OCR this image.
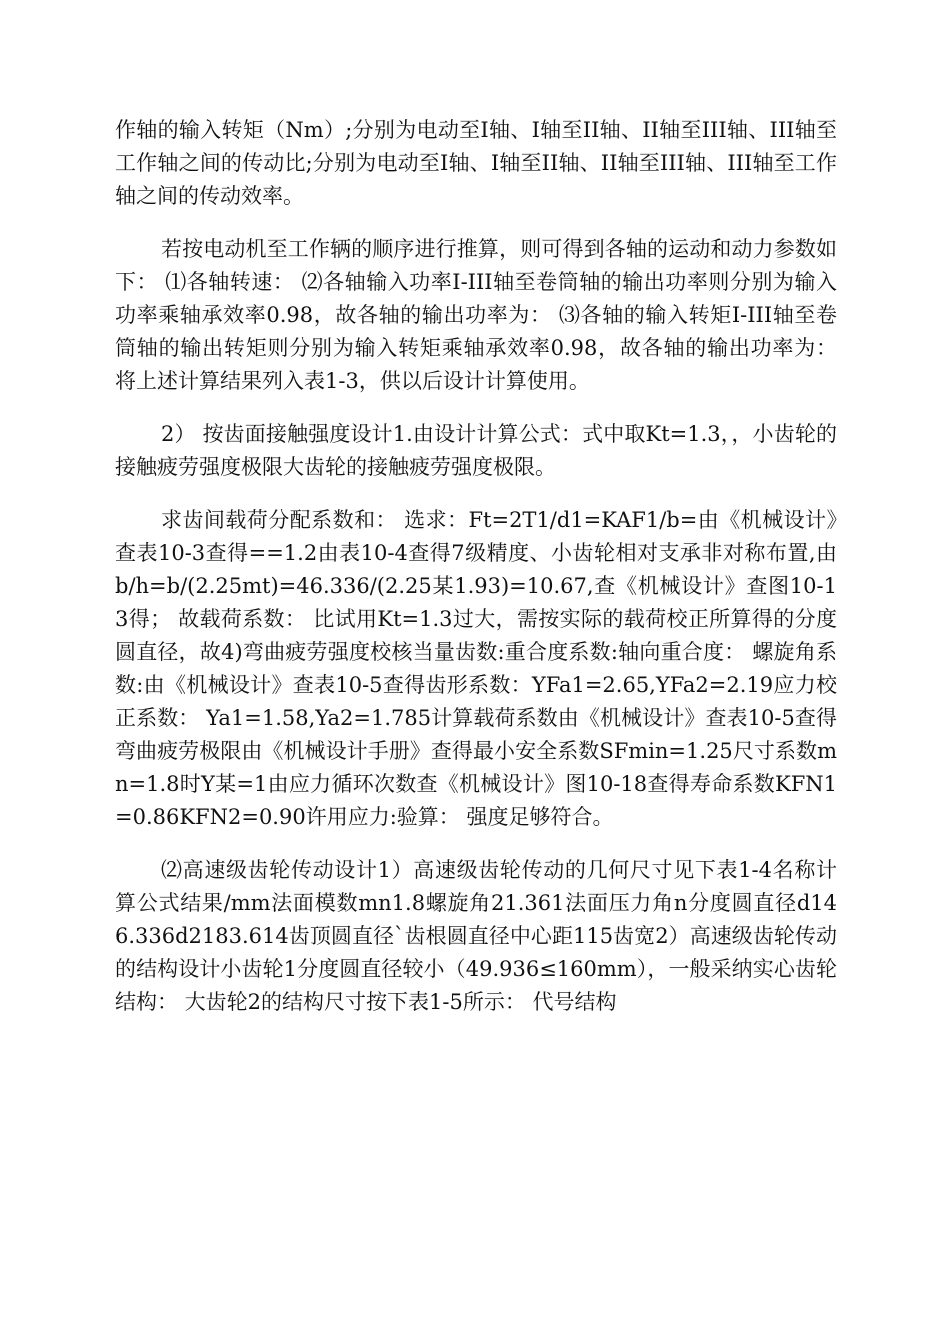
作轴的输入转矩（Nm）;分别为电动至I轴、I轴至II轴、II轴至III轴、III轴至工作轴之间的传动比;分别为电动至I轴、I轴至II轴、II轴至III轴、III轴至工作轴之间的传动效率。

若按电动机至工作辆的顺序进行推算，则可得到各轴的运动和动力参数如下： ⑴各轴转速： ⑵各轴输入功率I-III轴至卷筒轴的输出功率则分别为输入功率乘轴承效率0.98，故各轴的输出功率为： ⑶各轴的输入转矩I-III轴至卷筒轴的输出转矩则分别为输入转矩乘轴承效率0.98，故各轴的输出功率为： 将上述计算结果列入表1-3，供以后设计计算使用。

2） 按齿面接触强度设计1.由设计计算公式：式中取Kt=1.3，，小齿轮的接触疲劳强度极限大齿轮的接触疲劳强度极限。

求齿间载荷分配系数和： 选求：Ft=2T1/d1=KAF1/b=由《机械设计》查表10-3查得==1.2由表10-4查得7级精度、小齿轮相对支承非对称布置,由b/h=b/(2.25mt)=46.336/(2.25某1.93)=10.67,查《机械设计》查图10-13得； 故载荷系数： 比试用Kt=1.3过大，需按实际的载荷校正所算得的分度圆直径，故4)弯曲疲劳强度校核当量齿数:重合度系数:轴向重合度： 螺旋角系数:由《机械设计》查表10-5查得齿形系数：YFa1=2.65,YFa2=2.19应力校正系数： Ya1=1.58,Ya2=1.785计算载荷系数由《机械设计》查表10-5查得弯曲疲劳极限由《机械设计手册》查得最小安全系数SFmin=1.25尺寸系数mn=1.8时Y某=1由应力循环次数查《机械设计》图10-18查得寿命系数KFN1=0.86KFN2=0.90许用应力:验算： 强度足够符合。

⑵高速级齿轮传动设计1）高速级齿轮传动的几何尺寸见下表1-4名称计算公式结果/mm法面模数mn1.8螺旋角21.361法面压力角n分度圆直径d146.336d2183.614齿顶圆直径`齿根圆直径中心距115齿宽2）高速级齿轮传动的结构设计小齿轮1分度圆直径较小（49.936≤160mm），一般采纳实心齿轮结构： 大齿轮2的结构尺寸按下表1-5所示： 代号结构
